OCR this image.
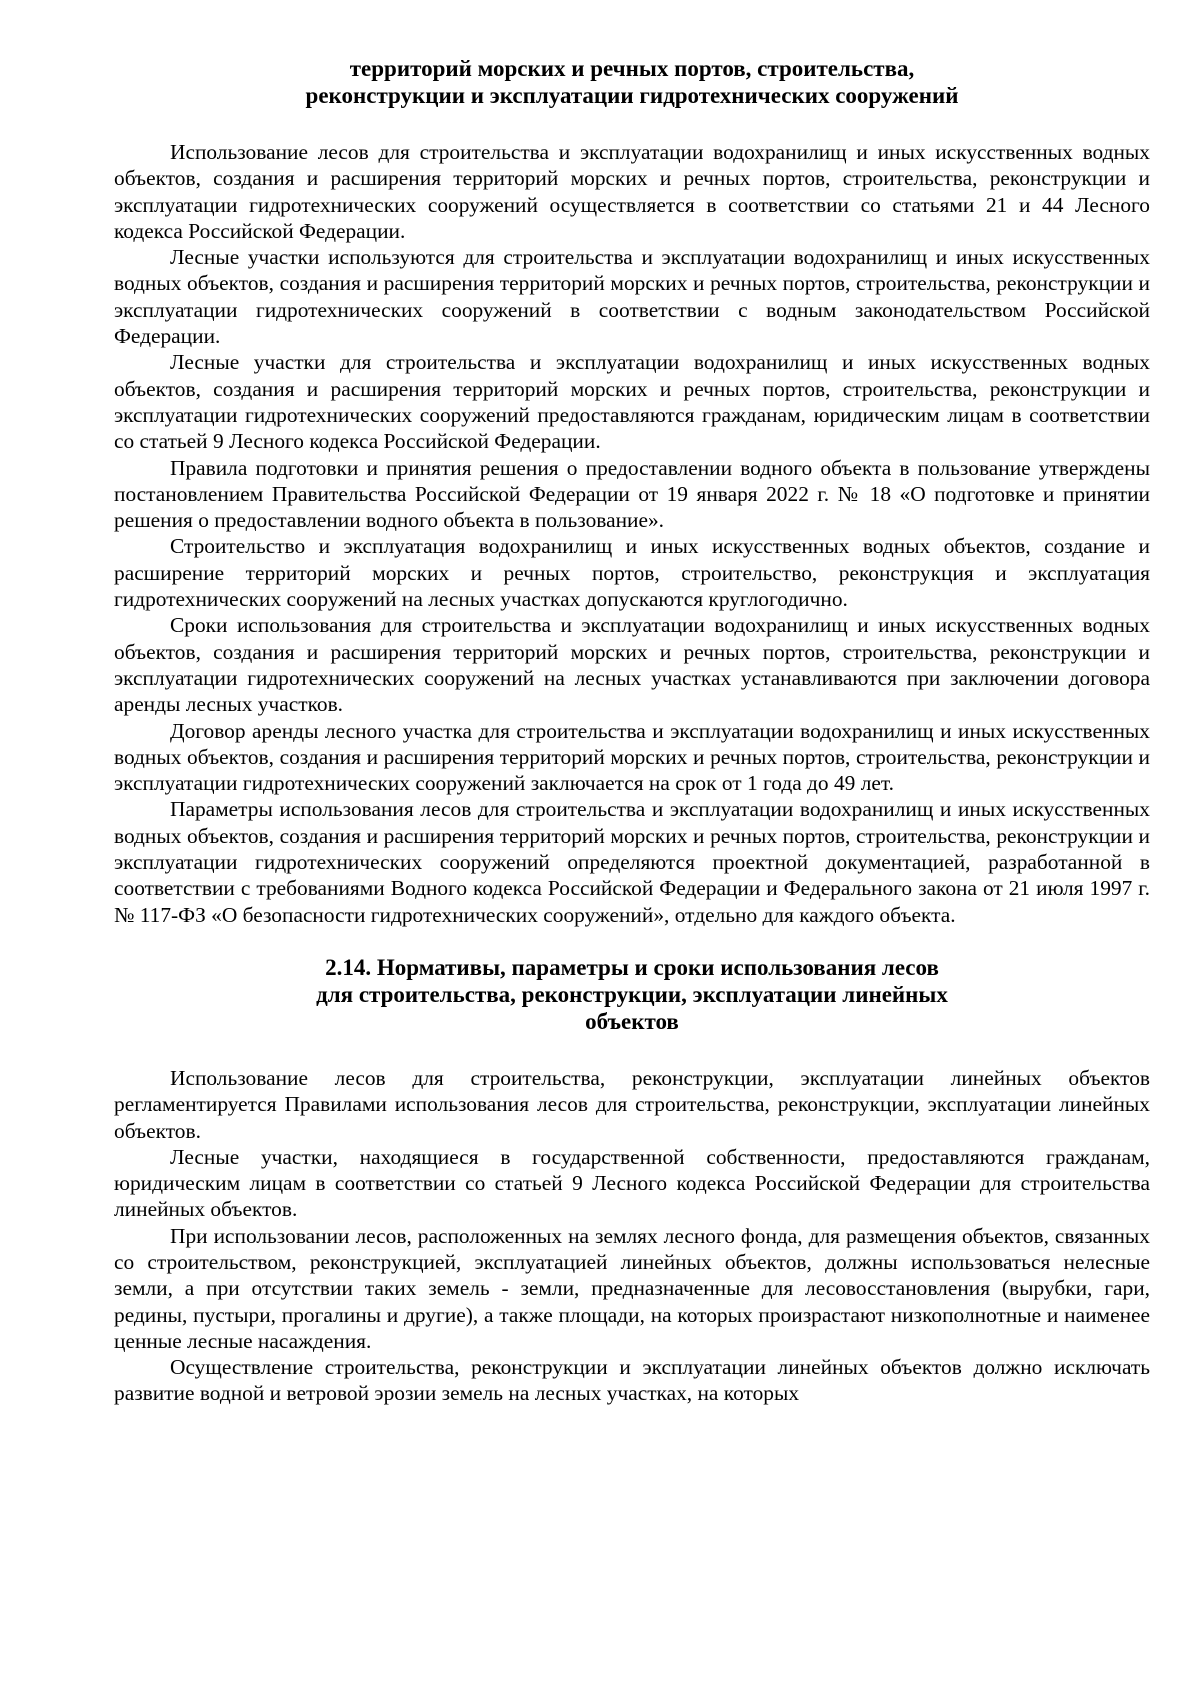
территорий морских и речных портов, строительства,
реконструкции и эксплуатации гидротехнических сооружений

Использование лесов для строительства и эксплуатации водохранилищ и иных искусственных водных объектов, создания и расширения территорий морских и речных портов, строительства, реконструкции и эксплуатации гидротехнических сооружений осуществляется в соответствии со статьями 21 и 44 Лесного кодекса Российской Федерации.

Лесные участки используются для строительства и эксплуатации водохранилищ и иных искусственных водных объектов, создания и расширения территорий морских и речных портов, строительства, реконструкции и эксплуатации гидротехнических сооружений в соответствии с водным законодательством Российской Федерации.

Лесные участки для строительства и эксплуатации водохранилищ и иных искусственных водных объектов, создания и расширения территорий морских и речных портов, строительства, реконструкции и эксплуатации гидротехнических сооружений предоставляются гражданам, юридическим лицам в соответствии со статьей 9 Лесного кодекса Российской Федерации.

Правила подготовки и принятия решения о предоставлении водного объекта в пользование утверждены постановлением Правительства Российской Федерации от 19 января 2022 г. № 18 «О подготовке и принятии решения о предоставлении водного объекта в пользование».

Строительство и эксплуатация водохранилищ и иных искусственных водных объектов, создание и расширение территорий морских и речных портов, строительство, реконструкция и эксплуатация гидротехнических сооружений на лесных участках допускаются круглогодично.

Сроки использования для строительства и эксплуатации водохранилищ и иных искусственных водных объектов, создания и расширения территорий морских и речных портов, строительства, реконструкции и эксплуатации гидротехнических сооружений на лесных участках устанавливаются при заключении договора аренды лесных участков.

Договор аренды лесного участка для строительства и эксплуатации водохранилищ и иных искусственных водных объектов, создания и расширения территорий морских и речных портов, строительства, реконструкции и эксплуатации гидротехнических сооружений заключается на срок от 1 года до 49 лет.

Параметры использования лесов для строительства и эксплуатации водохранилищ и иных искусственных водных объектов, создания и расширения территорий морских и речных портов, строительства, реконструкции и эксплуатации гидротехнических сооружений определяются проектной документацией, разработанной в соответствии с требованиями Водного кодекса Российской Федерации и Федерального закона от 21 июля 1997 г. № 117-ФЗ «О безопасности гидротехнических сооружений», отдельно для каждого объекта.

2.14. Нормативы, параметры и сроки использования лесов
для строительства, реконструкции, эксплуатации линейных
объектов

Использование лесов для строительства, реконструкции, эксплуатации линейных объектов регламентируется Правилами использования лесов для строительства, реконструкции, эксплуатации линейных объектов.

Лесные участки, находящиеся в государственной собственности, предоставляются гражданам, юридическим лицам в соответствии со статьей 9 Лесного кодекса Российской Федерации для строительства линейных объектов.

При использовании лесов, расположенных на землях лесного фонда, для размещения объектов, связанных со строительством, реконструкцией, эксплуатацией линейных объектов, должны использоваться нелесные земли, а при отсутствии таких земель - земли, предназначенные для лесовосстановления (вырубки, гари, редины, пустыри, прогалины и другие), а также площади, на которых произрастают низкополнотные и наименее ценные лесные насаждения.

Осуществление строительства, реконструкции и эксплуатации линейных объектов должно исключать развитие водной и ветровой эрозии земель на лесных участках, на которых
